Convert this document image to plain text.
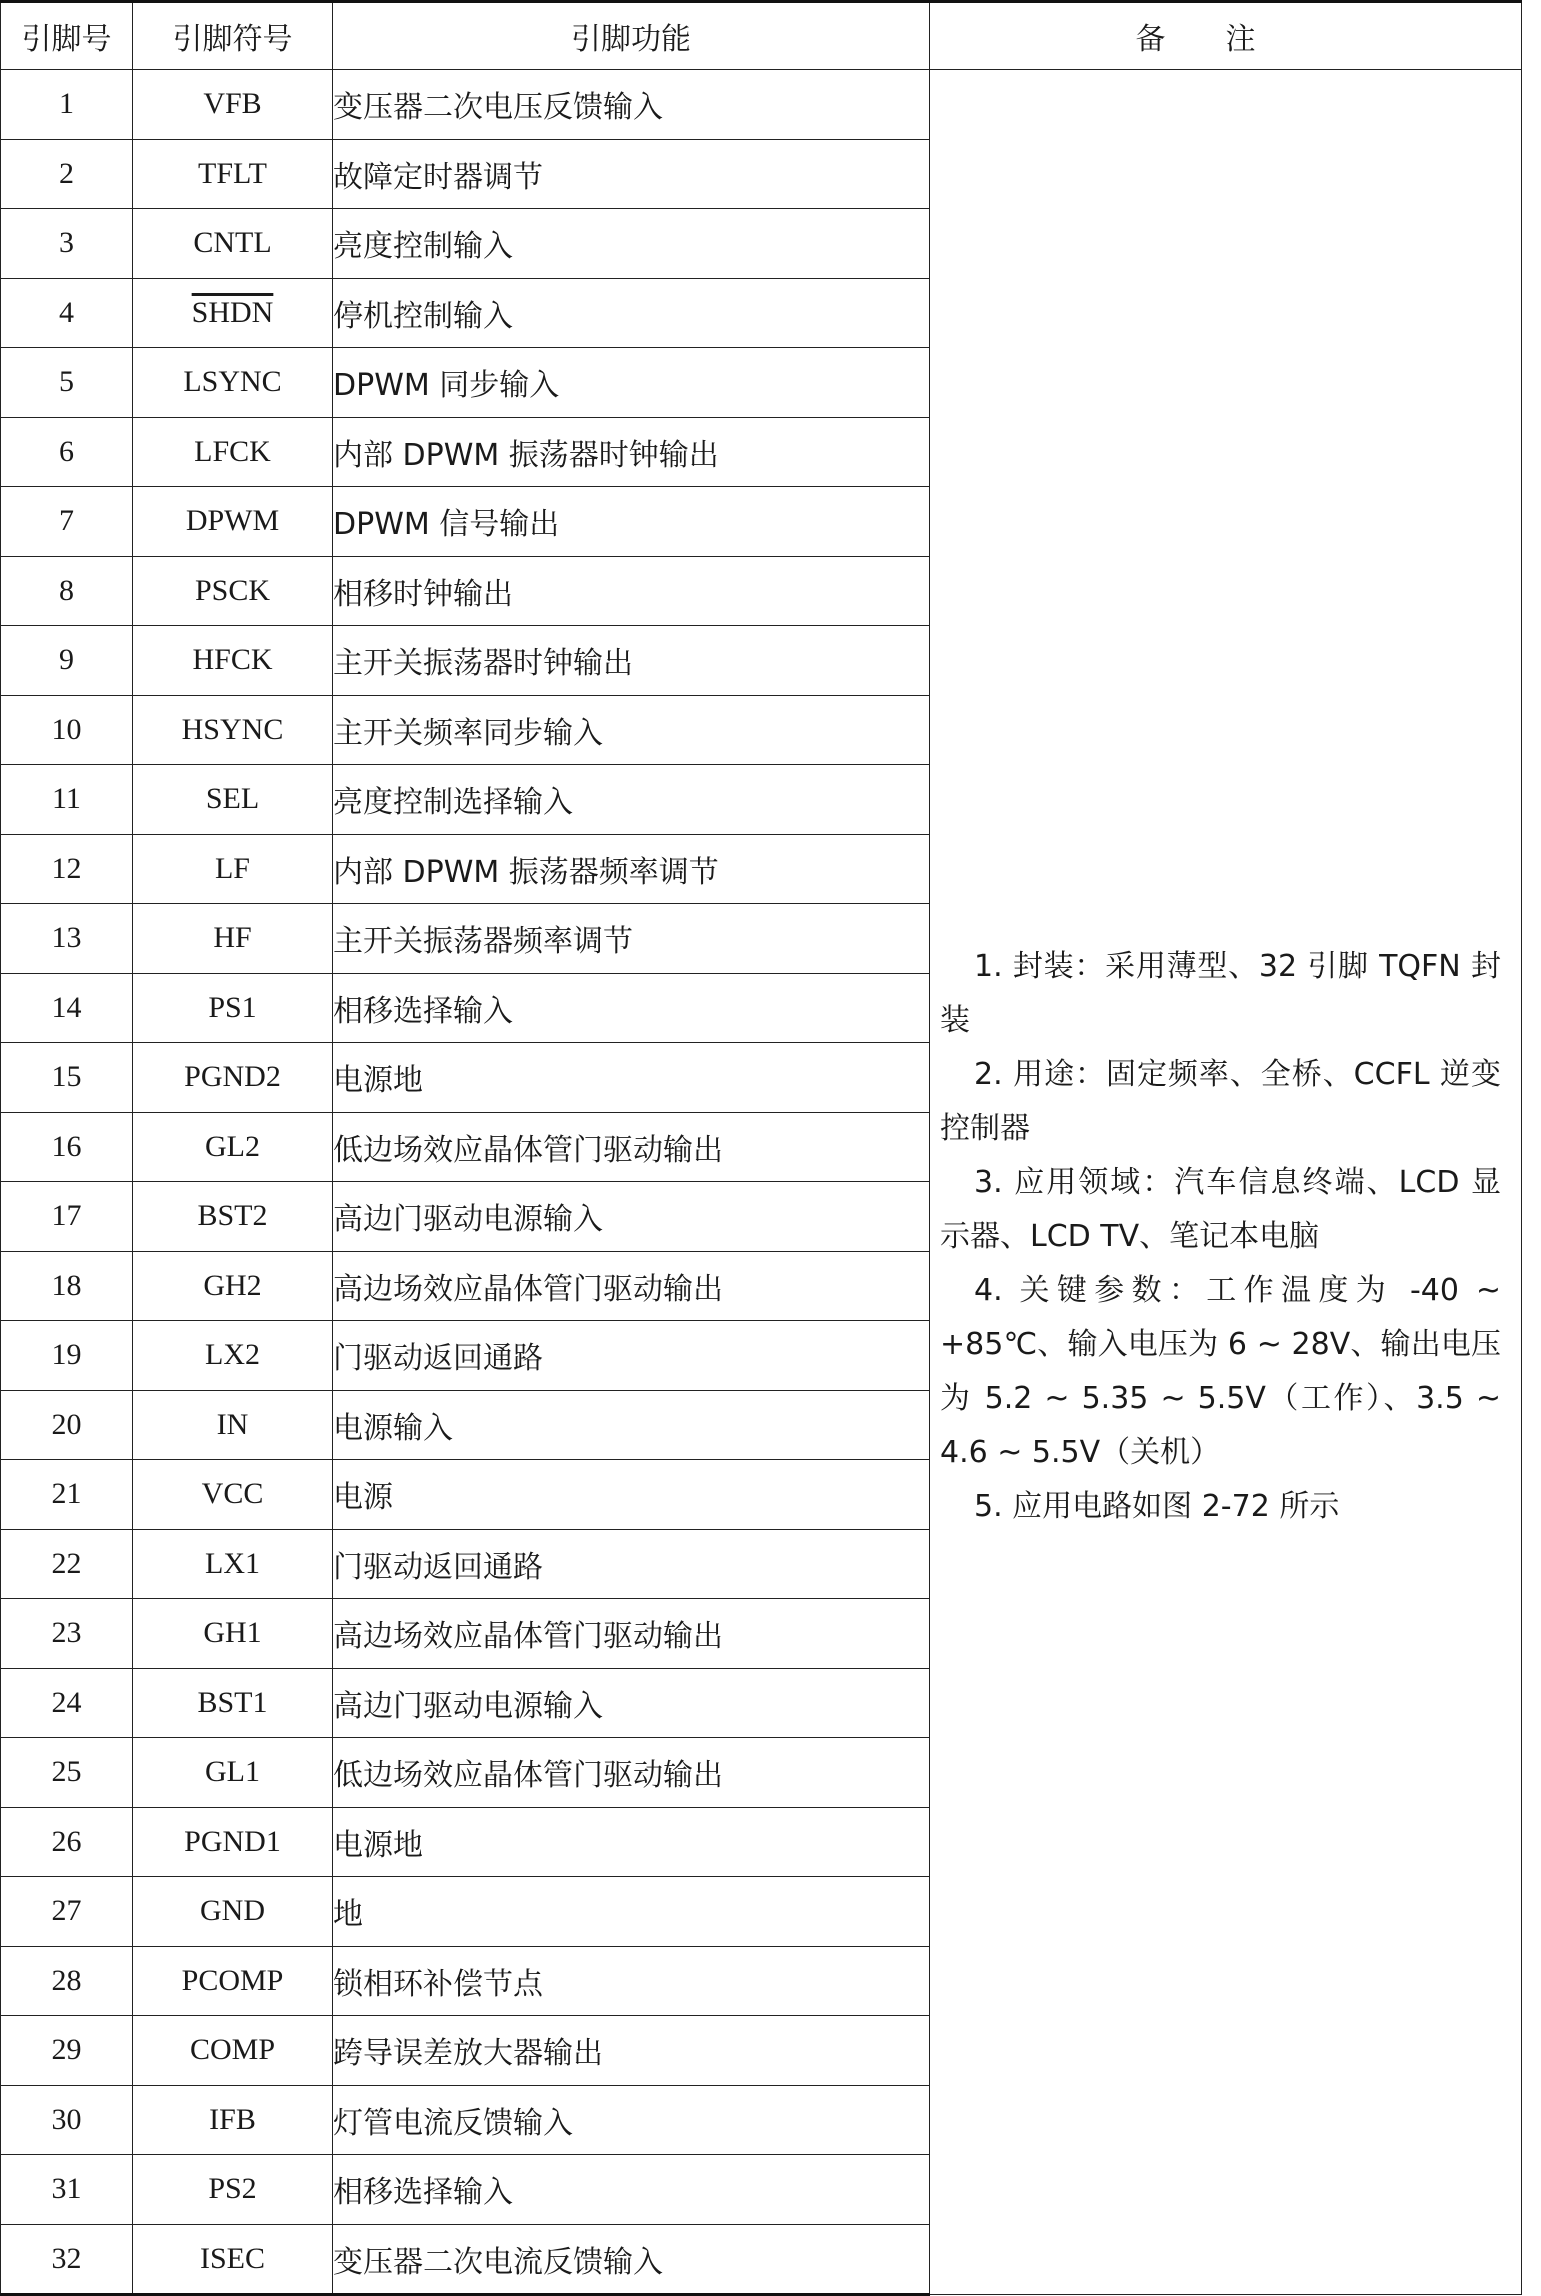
引脚号	引脚符号	引脚功能	备注
1	VFB	变压器二次电压反馈输入	1. 封装：采用薄型、32 引脚 TQFN 封装

2. 用途：固定频率、全桥、CCFL 逆变控制器

3. 应用领域：汽车信息终端、LCD 显示器、LCD TV、笔记本电脑

4. 关键参数：工作温度为 -40 ~ +85℃、输入电压为 6 ~ 28V、输出电压为 5.2 ~ 5.35 ~ 5.5V（工作）、3.5 ~ 4.6 ~ 5.5V（关机）

5. 应用电路如图 2-72 所示

2	TFLT	故障定时器调节	
3	CNTL	亮度控制输入	
4	SHDN	停机控制输入	
5	LSYNC	DPWM 同步输入	
6	LFCK	内部 DPWM 振荡器时钟输出	
7	DPWM	DPWM 信号输出	
8	PSCK	相移时钟输出	
9	HFCK	主开关振荡器时钟输出	
10	HSYNC	主开关频率同步输入	
11	SEL	亮度控制选择输入	
12	LF	内部 DPWM 振荡器频率调节	
13	HF	主开关振荡器频率调节	
14	PS1	相移选择输入	
15	PGND2	电源地	
16	GL2	低边场效应晶体管门驱动输出	
17	BST2	高边门驱动电源输入	
18	GH2	高边场效应晶体管门驱动输出	
19	LX2	门驱动返回通路	
20	IN	电源输入	
21	VCC	电源	
22	LX1	门驱动返回通路	
23	GH1	高边场效应晶体管门驱动输出	
24	BST1	高边门驱动电源输入	
25	GL1	低边场效应晶体管门驱动输出	
26	PGND1	电源地	
27	GND	地	
28	PCOMP	锁相环补偿节点	
29	COMP	跨导误差放大器输出	
30	IFB	灯管电流反馈输入	
31	PS2	相移选择输入	
32	ISEC	变压器二次电流反馈输入	
